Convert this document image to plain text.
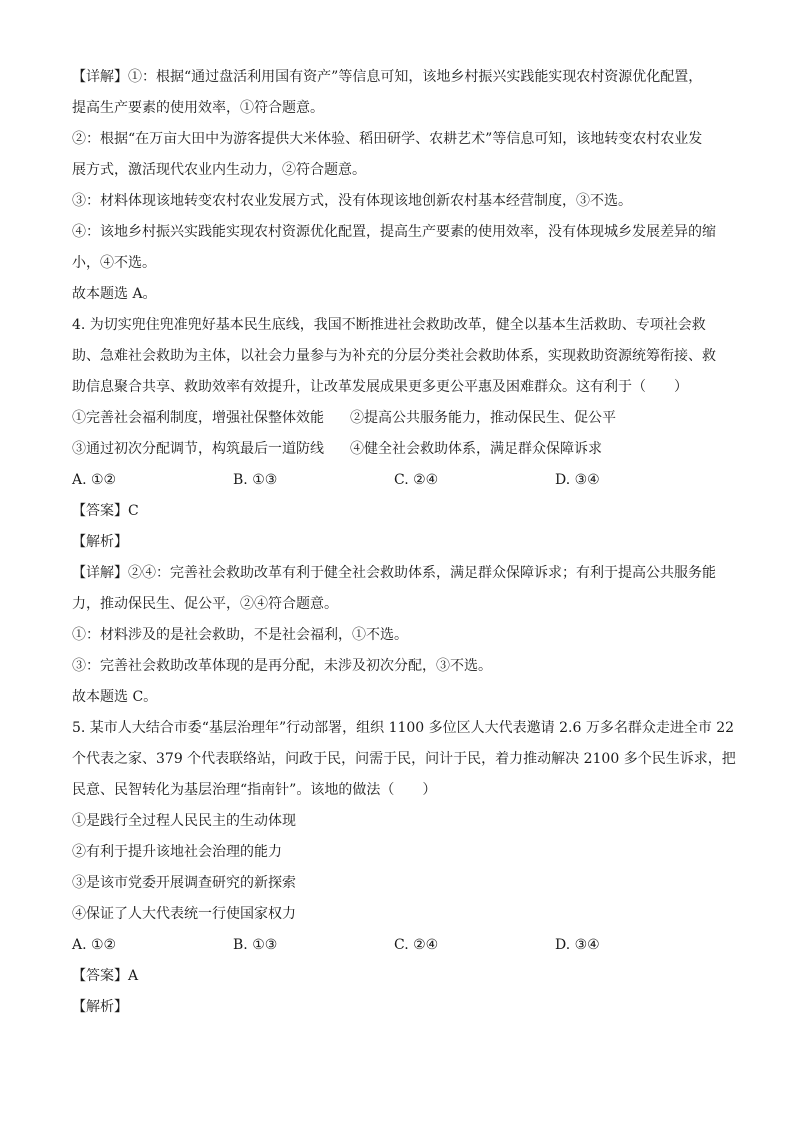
【详解】①：根据“通过盘活利用国有资产”等信息可知，该地乡村振兴实践能实现农村资源优化配置，
提高生产要素的使用效率，①符合题意。
②：根据“在万亩大田中为游客提供大米体验、稻田研学、农耕艺术”等信息可知，该地转变农村农业发
展方式，激活现代农业内生动力，②符合题意。
③：材料体现该地转变农村农业发展方式，没有体现该地创新农村基本经营制度，③不选。
④：该地乡村振兴实践能实现农村资源优化配置，提高生产要素的使用效率，没有体现城乡发展差异的缩
小，④不选。
故本题选 A。
4. 为切实兜住兜准兜好基本民生底线，我国不断推进社会救助改革，健全以基本生活救助、专项社会救
助、急难社会救助为主体，以社会力量参与为补充的分层分类社会救助体系，实现救助资源统筹衔接、救
助信息聚合共享、救助效率有效提升，让改革发展成果更多更公平惠及困难群众。这有利于（　　）
①完善社会福利制度，增强社保整体效能	②提高公共服务能力，推动保民生、促公平
③通过初次分配调节，构筑最后一道防线	④健全社会救助体系，满足群众保障诉求
A. ①②	B. ①③	C. ②④	D. ③④
【答案】C
【解析】
【详解】②④：完善社会救助改革有利于健全社会救助体系，满足群众保障诉求；有利于提高公共服务能
力，推动保民生、促公平，②④符合题意。
①：材料涉及的是社会救助，不是社会福利，①不选。
③：完善社会救助改革体现的是再分配，未涉及初次分配，③不选。
故本题选 C。
5. 某市人大结合市委“基层治理年”行动部署，组织 1100 多位区人大代表邀请 2.6 万多名群众走进全市 22
个代表之家、379 个代表联络站，问政于民，问需于民，问计于民，着力推动解决 2100 多个民生诉求，把
民意、民智转化为基层治理“指南针”。该地的做法（　　）
①是践行全过程人民民主的生动体现
②有利于提升该地社会治理的能力
③是该市党委开展调查研究的新探索
④保证了人大代表统一行使国家权力
A. ①②	B. ①③	C. ②④	D. ③④
【答案】A
【解析】
